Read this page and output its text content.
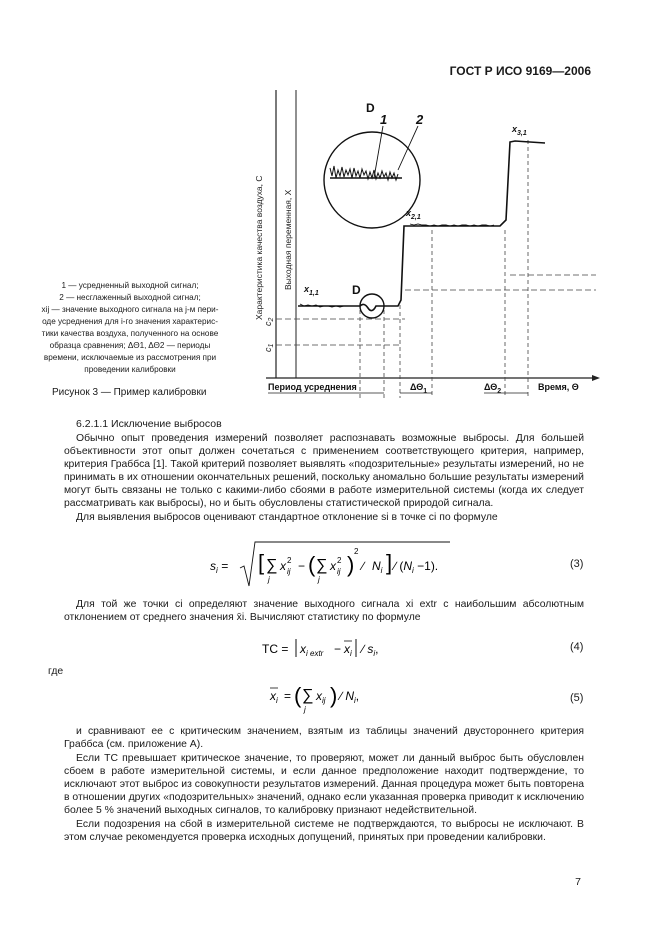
ГОСТ Р ИСО 9169—2006
1 — усредненный выходной сигнал;
2 — несглаженный выходной сигнал;
xij — значение выходного сигнала на j-м пери-
оде усреднения для i-го значения характерис-
тики качества воздуха, полученного на основе
образца сравнения; ΔΘ1, ΔΘ2 — периоды
времени, исключаемые из рассмотрения при
проведении калибровки
Рисунок 3 — Пример калибровки
Характеристика качества воздуха, C Выходная переменная, X
$c_1$
$c_2$
D
D
1 2
$x_{1,1}$
$x_{2,1}$
$x_{3,1}$
Период усреднения	$\Delta\Theta_1$	$\Delta\Theta_2$	Время, Θ
6.2.1.1 Исключение выбросов

Обычно опыт проведения измерений позволяет распознавать возможные выбросы. Для большей объективности этот опыт должен сочетаться с применением соответствующего критерия, например, критерия Граббса [1]. Такой критерий позволяет выявлять «подозрительные» результаты измерений, но не принимать в их отношении окончательных решений, поскольку аномально большие результаты измерений могут быть связаны не только с какими-либо сбоями в работе измерительной системы (когда их следует рассматривать как выбросы), но и быть обусловлены статистической природой сигнала.

Для выявления выбросов оценивают стандартное отклонение si в точке ci по формуле

$s_i$ = [ ∑
j
x 2
ij − ( ∑
j
x 2
ij )
2
∕ $N_i$ ] ∕ $(N_i -1)$.	(3)

Для той же точки ci определяют значение выходного сигнала xi extr с наибольшим абсолютным отклонением от среднего значения x̄i. Вычисляют статистику по формуле

TC = $x_{i extr} - x_i$ ∕ $s_i$,	(4)
где
$x_i$ = ( ∑
j
$x_{ij}$ ) ∕ $N_i$,	(5)

и сравнивают ее с критическим значением, взятым из таблицы значений двустороннего критерия Граббса (см. приложение А).

Если ТС превышает критическое значение, то проверяют, может ли данный выброс быть обусловлен сбоем в работе измерительной системы, и если данное предположение находит подтверждение, то исключают этот выброс из совокупности результатов измерений. Данная процедура может быть повторена в отношении других «подозрительных» значений, однако если указанная проверка приводит к исключению более 5 % значений выходных сигналов, то калибровку признают недействительной.

Если подозрения на сбой в измерительной системе не подтверждаются, то выбросы не исключают. В этом случае рекомендуется проверка исходных допущений, принятых при проведении калибровки.

7
